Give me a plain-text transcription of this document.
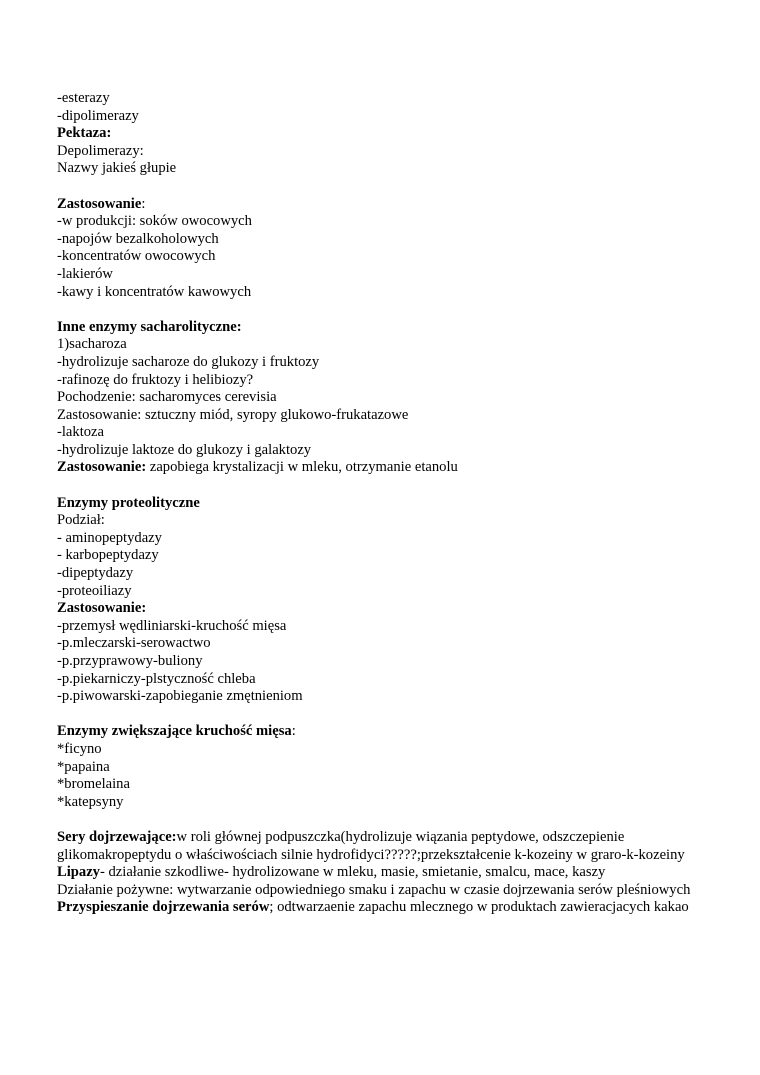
-esterazy
-dipolimerazy
Pektaza:
Depolimerazy:
Nazwy jakieś głupie
Zastosowanie:
-w produkcji: soków owocowych
-napojów bezalkoholowych
-koncentratów owocowych
-lakierów
-kawy i koncentratów kawowych
Inne enzymy sacharolityczne:
1)sacharoza
-hydrolizuje sacharoze do glukozy i fruktozy
-rafinozę do fruktozy i helibiozy?
Pochodzenie: sacharomyces cerevisia
Zastosowanie: sztuczny miód, syropy glukowo-frukatazowe
-laktoza
-hydrolizuje laktoze do glukozy i galaktozy
Zastosowanie: zapobiega krystalizacji w mleku, otrzymanie etanolu
Enzymy proteolityczne
Podział:
- aminopeptydazy
- karbopeptydazy
-dipeptydazy
-proteoiliazy
Zastosowanie:
-przemysł wędliniarski-kruchość mięsa
-p.mleczarski-serowactwo
-p.przyprawowy-buliony
-p.piekarniczy-plstyczność chleba
-p.piwowarski-zapobieganie zmętnieniom
Enzymy zwiększające kruchość mięsa:
*ficyno
*papaina
*bromelaina
*katepsyny
Sery dojrzewające:w roli głównej podpuszczka(hydrolizuje wiązania peptydowe, odszczepienie glikomakropeptydu o właściwościach silnie hydrofidyci?????;przekształcenie k-kozeiny w graro-k-kozeiny
Lipazy- działanie szkodliwe- hydrolizowane w mleku, masie, smietanie, smalcu, mace, kaszy
Działanie pożywne: wytwarzanie odpowiedniego smaku i zapachu w czasie dojrzewania serów pleśniowych
Przyspieszanie dojrzewania serów; odtwarzaenie zapachu mlecznego w produktach zawieracjacych kakao
